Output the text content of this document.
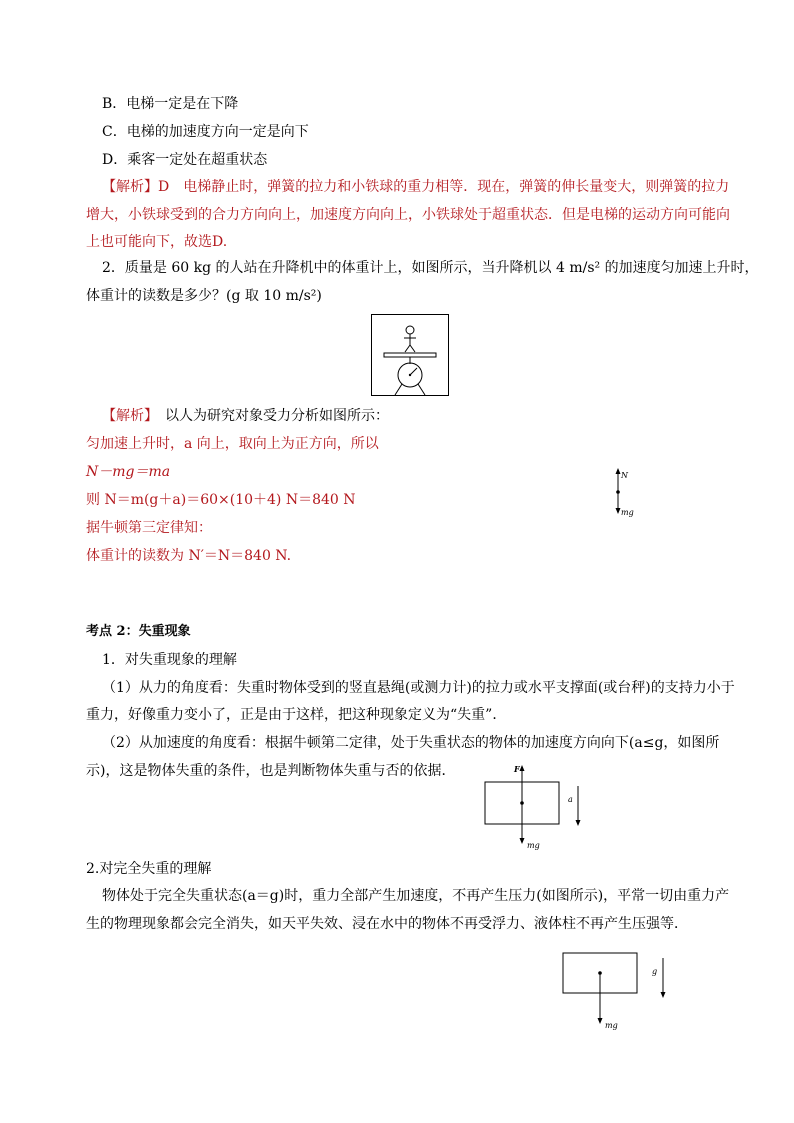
B．电梯一定是在下降
C．电梯的加速度方向一定是向下
D．乘客一定处在超重状态
【解析】D　电梯静止时，弹簧的拉力和小铁球的重力相等．现在，弹簧的伸长量变大，则弹簧的拉力
增大，小铁球受到的合力方向向上，加速度方向向上，小铁球处于超重状态．但是电梯的运动方向可能向
上也可能向下，故选D.
2．质量是 60 kg 的人站在升降机中的体重计上，如图所示，当升降机以 4 m/s² 的加速度匀加速上升时，
体重计的读数是多少？(g 取 10 m/s²)
【解析】　以人为研究对象受力分析如图所示：
匀加速上升时，a 向上，取向上为正方向，所以
N－mg＝ma
则 N＝m(g＋a)＝60×(10＋4) N＝840 N
据牛顿第三定律知：
体重计的读数为 N′＝N＝840 N.
N
mg
考点 2：失重现象
1．对失重现象的理解
（1）从力的角度看：失重时物体受到的竖直悬绳(或测力计)的拉力或水平支撑面(或台秤)的支持力小于
重力，好像重力变小了，正是由于这样，把这种现象定义为“失重”．
（2）从加速度的角度看：根据牛顿第二定律，处于失重状态的物体的加速度方向向下(a≤g，如图所
示)，这是物体失重的条件，也是判断物体失重与否的依据．	F
mg
a
2.对完全失重的理解
物体处于完全失重状态(a＝g)时，重力全部产生加速度，不再产生压力(如图所示)，平常一切由重力产
生的物理现象都会完全消失，如天平失效、浸在水中的物体不再受浮力、液体柱不再产生压强等．
mg
g
